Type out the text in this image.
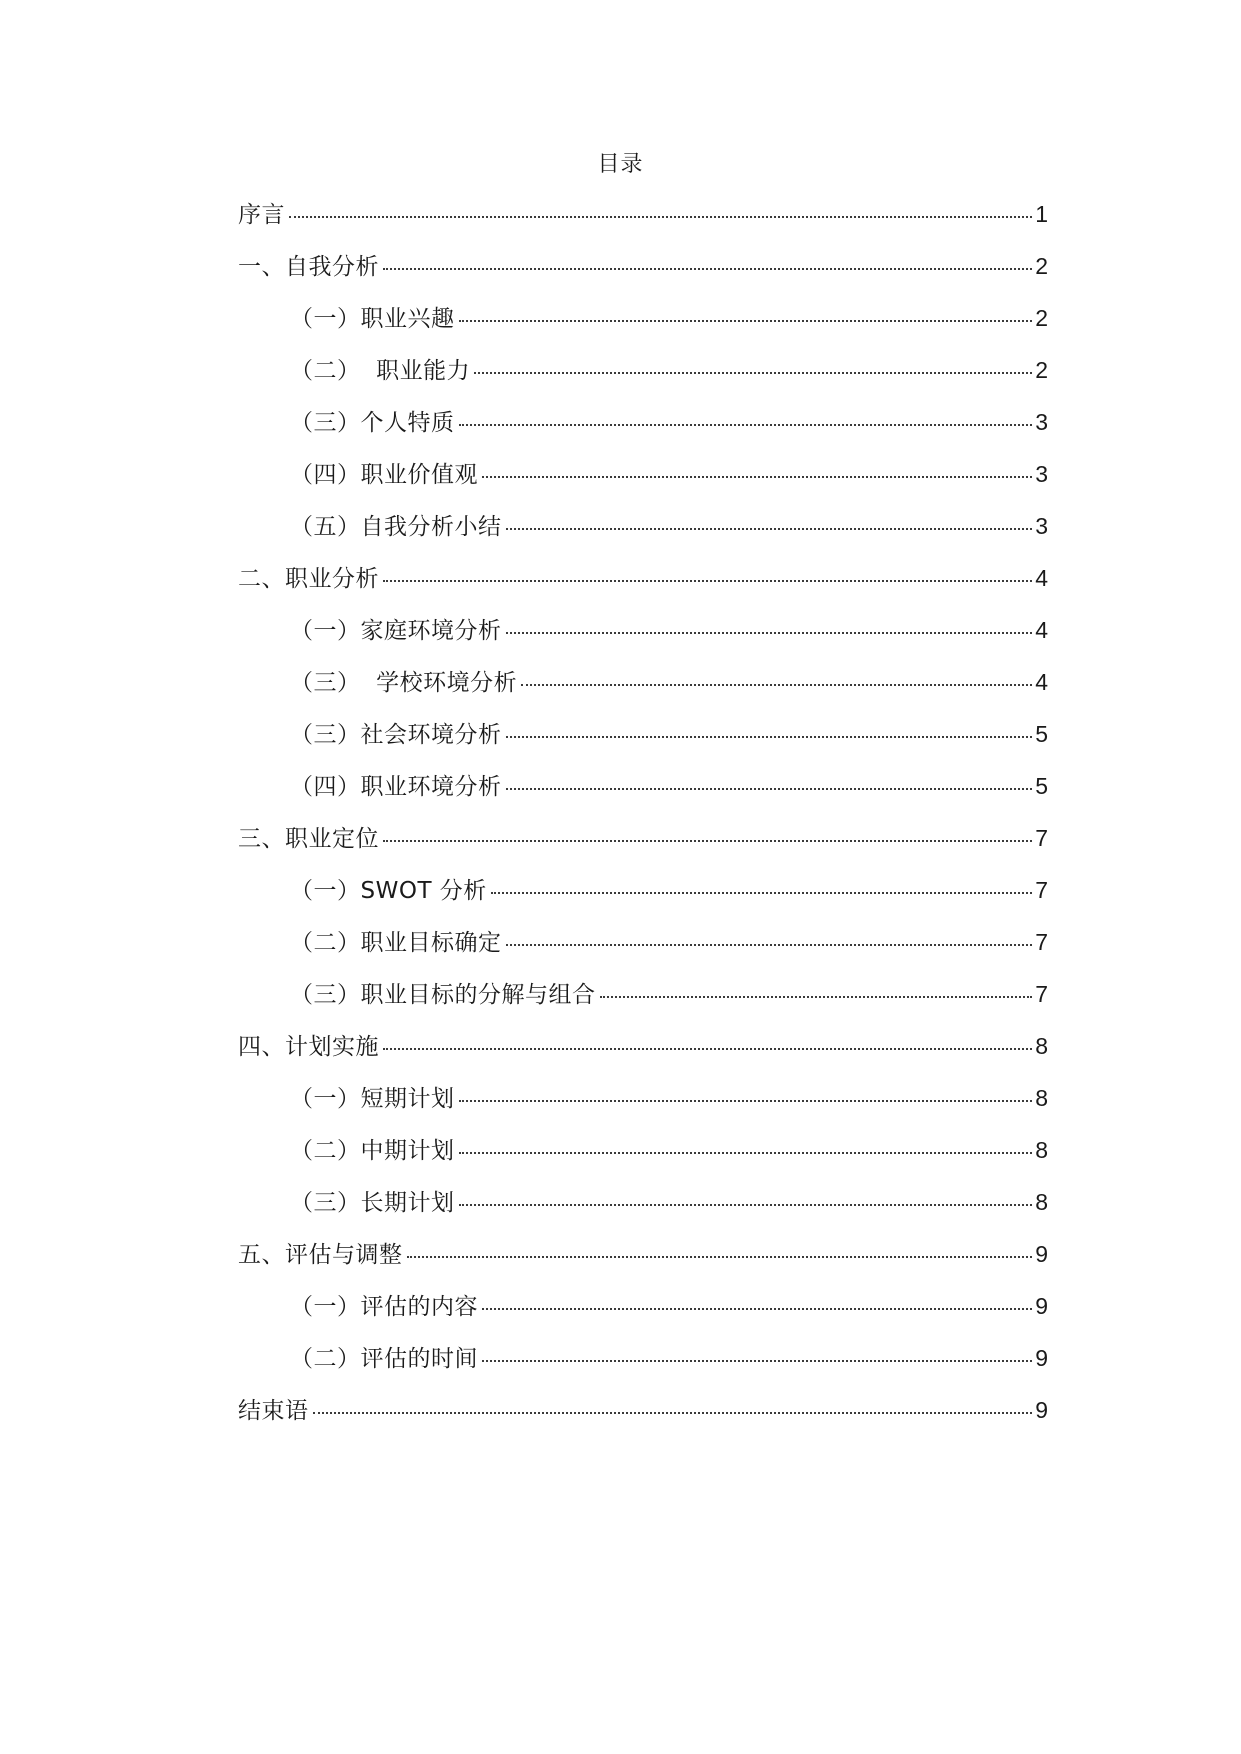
目录
序言	1
一、自我分析	2
（一）职业兴趣	2
（二）  职业能力	2
（三）个人特质	3
（四）职业价值观	3
（五）自我分析小结	3
二、职业分析	4
（一）家庭环境分析	4
（三）  学校环境分析	4
（三）社会环境分析	5
（四）职业环境分析	5
三、职业定位	7
（一）SWOT 分析	7
（二）职业目标确定	7
（三）职业目标的分解与组合	7
四、计划实施	8
（一）短期计划	8
（二）中期计划	8
（三）长期计划	8
五、评估与调整	9
（一）评估的内容	9
（二）评估的时间	9
结束语	9
